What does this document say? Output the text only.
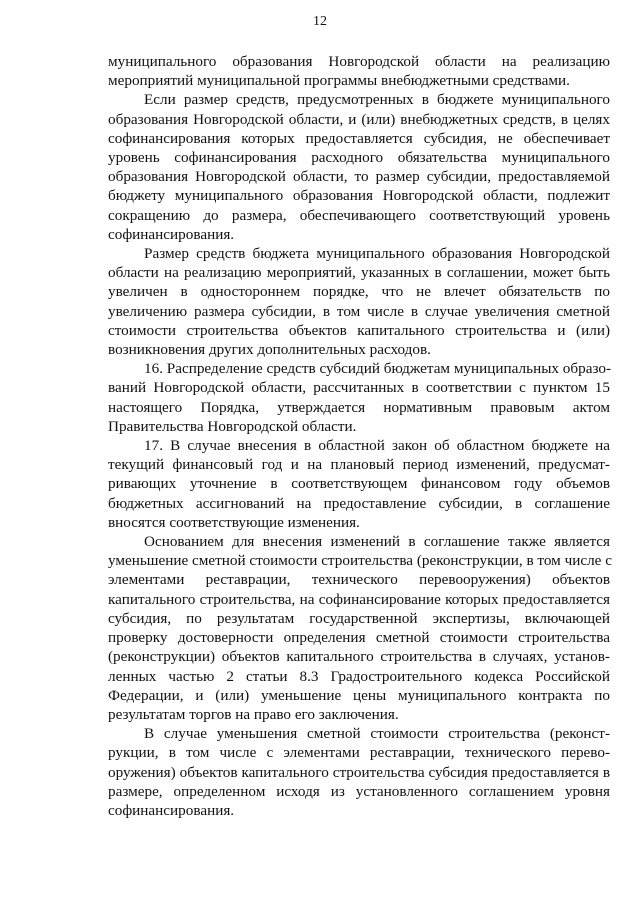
12

муниципального образования Новгородской области на реализацию
мероприятий муниципальной программы внебюджетными средствами.

Если размер средств, предусмотренных в бюджете муниципального
образования Новгородской области, и (или) внебюджетных средств, в целях
софинансирования которых предоставляется субсидия, не обеспечивает
уровень софинансирования расходного обязательства муниципального
образования Новгородской области, то размер субсидии, предоставляемой
бюджету муниципального образования Новгородской области, подлежит
сокращению до размера, обеспечивающего соответствующий уровень
софинансирования.

Размер средств бюджета муниципального образования Новгородской
области на реализацию мероприятий, указанных в соглашении, может быть
увеличен в одностороннем порядке, что не влечет обязательств по
увеличению размера субсидии, в том числе в случае увеличения сметной
стоимости строительства объектов капитального строительства и (или)
возникновения других дополнительных расходов.

16. Распределение средств субсидий бюджетам муниципальных образо-
ваний Новгородской области, рассчитанных в соответствии с пунктом 15
настоящего Порядка, утверждается нормативным правовым актом
Правительства Новгородской области.

17. В случае внесения в областной закон об областном бюджете на
текущий финансовый год и на плановый период изменений, предусмат-
ривающих уточнение в соответствующем финансовом году объемов
бюджетных ассигнований на предоставление субсидии, в соглашение
вносятся соответствующие изменения.

Основанием для внесения изменений в соглашение также является
уменьшение сметной стоимости строительства (реконструкции, в том числе с
элементами реставрации, технического перевооружения) объектов
капитального строительства, на софинансирование которых предоставляется
субсидия, по результатам государственной экспертизы, включающей
проверку достоверности определения сметной стоимости строительства
(реконструкции) объектов капитального строительства в случаях, установ-
ленных частью 2 статьи 8.3 Градостроительного кодекса Российской
Федерации, и (или) уменьшение цены муниципального контракта по
результатам торгов на право его заключения.

В случае уменьшения сметной стоимости строительства (реконст-
рукции, в том числе с элементами реставрации, технического перево-
оружения) объектов капитального строительства субсидия предоставляется в
размере, определенном исходя из установленного соглашением уровня
софинансирования.
